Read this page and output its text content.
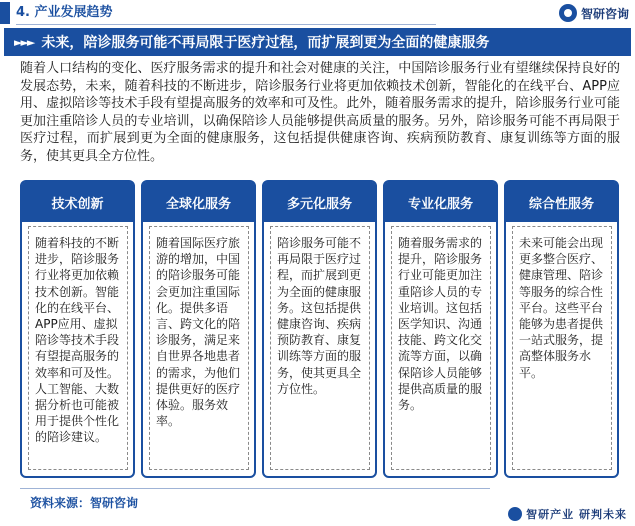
4. 产业发展趋势	智研咨询
►►► 未来，陪诊服务可能不再局限于医疗过程，而扩展到更为全面的健康服务
随着人口结构的变化、医疗服务需求的提升和社会对健康的关注，中国陪诊服务行业有望继续保持良好的发展态势，未来，随着科技的不断进步，陪诊服务行业将更加依赖技术创新，智能化的在线平台、APP应用、虚拟陪诊等技术手段有望提高服务的效率和可及性。此外，随着服务需求的提升，陪诊服务行业可能更加注重陪诊人员的专业培训，以确保陪诊人员能够提供高质量的服务。另外，陪诊服务可能不再局限于医疗过程，而扩展到更为全面的健康服务，这包括提供健康咨询、疾病预防教育、康复训练等方面的服务，使其更具全方位性。
技术创新
随着科技的不断进步，陪诊服务行业将更加依赖技术创新。智能化的在线平台、APP应用、虚拟陪诊等技术手段有望提高服务的效率和可及性。人工智能、大数据分析也可能被用于提供个性化的陪诊建议。
全球化服务
随着国际医疗旅游的增加，中国的陪诊服务可能会更加注重国际化。提供多语言、跨文化的陪诊服务，满足来自世界各地患者的需求，为他们提供更好的医疗体验。服务效率。
多元化服务
陪诊服务可能不再局限于医疗过程，而扩展到更为全面的健康服务。这包括提供健康咨询、疾病预防教育、康复训练等方面的服务，使其更具全方位性。
专业化服务
随着服务需求的提升，陪诊服务行业可能更加注重陪诊人员的专业培训。这包括医学知识、沟通技能、跨文化交流等方面，以确保陪诊人员能够提供高质量的服务。
综合性服务
未来可能会出现更多整合医疗、健康管理、陪诊等服务的综合性平台。这些平台能够为患者提供一站式服务，提高整体服务水平。
资料来源：智研咨询
智研产业 研判未来
